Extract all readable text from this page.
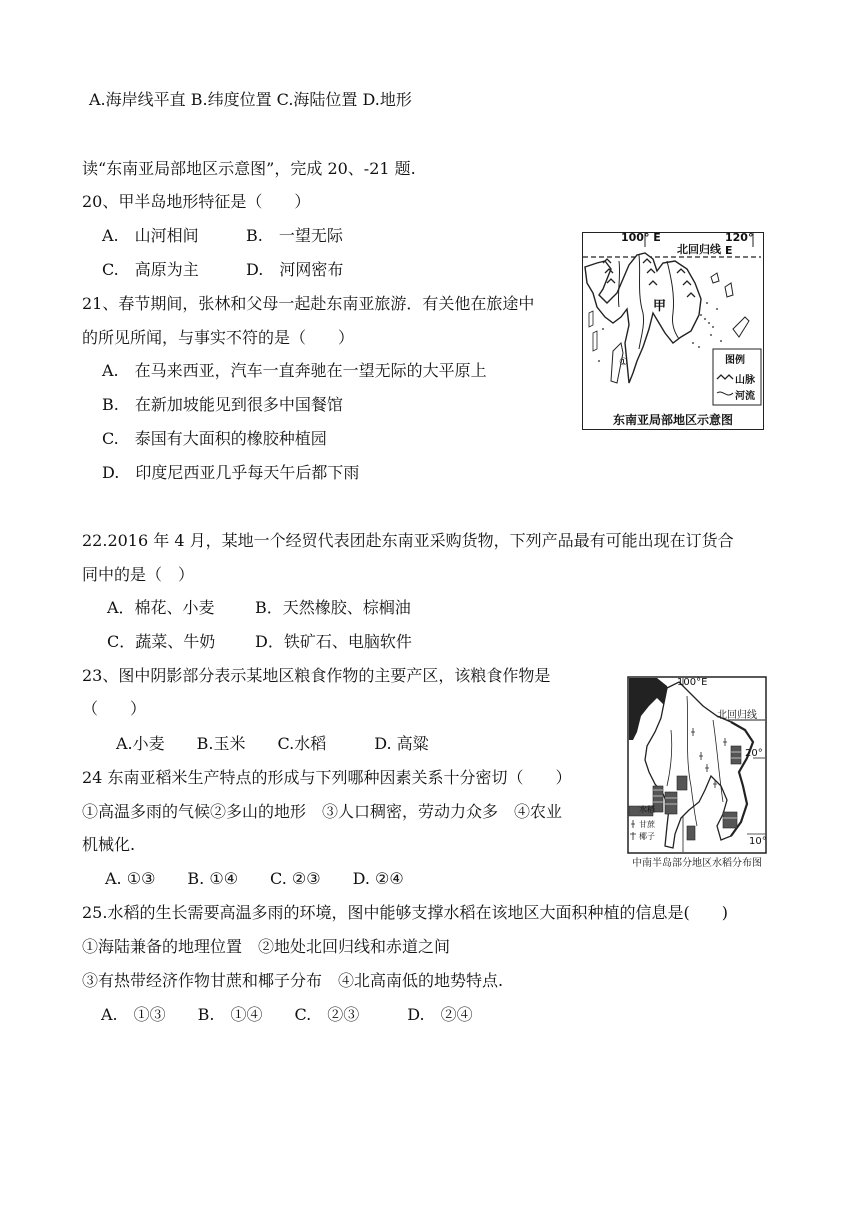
A.海岸线平直 B.纬度位置 C.海陆位置 D.地形
读“东南亚局部地区示意图”，完成 20、-21 题.
20、甲半岛地形特征是（　　）
A.　山河相间	B.　一望无际
C.　高原为主	D.　河网密布
21、春节期间，张林和父母一起赴东南亚旅游．有关他在旅途中
的所见所闻，与事实不符的是（　　）
A.　在马来西亚，汽车一直奔驰在一望无际的大平原上
B.　在新加坡能见到很多中国餐馆
C.　泰国有大面积的橡胶种植园
D.　印度尼西亚几乎每天午后都下雨
100° E	120° E
北回归线
甲
①	图例
山脉
河流
东南亚局部地区示意图
22.2016 年 4 月，某地一个经贸代表团赴东南亚采购货物，下列产品最有可能出现在订货合
同中的是（　）
A．棉花、小麦	B．天然橡胶、棕榈油
C．蔬菜、牛奶 D．铁矿石、电脑软件
23、图中阴影部分表示某地区粮食作物的主要产区，该粮食作物是
（　　）
A.小麦　　B.玉米　　C.水稻　　　D. 高粱
24 东南亚稻米生产特点的形成与下列哪种因素关系十分密切（　　）
①高温多雨的气候②多山的地形　③人口稠密，劳动力众多　④农业
机械化.
A. ①③　　B. ①④　　C. ②③　　D. ②④
100°E
北回归线
20°
10°
水稻
甘蔗
椰子
中南半岛部分地区水稻分布图
25.水稻的生长需要高温多雨的环境，图中能够支撑水稻在该地区大面积种植的信息是(　　)
①海陆兼备的地理位置　②地处北回归线和赤道之间
③有热带经济作物甘蔗和椰子分布　④北高南低的地势特点.
A.　①③　　B.　①④　　C.　②③　　　D.　②④
